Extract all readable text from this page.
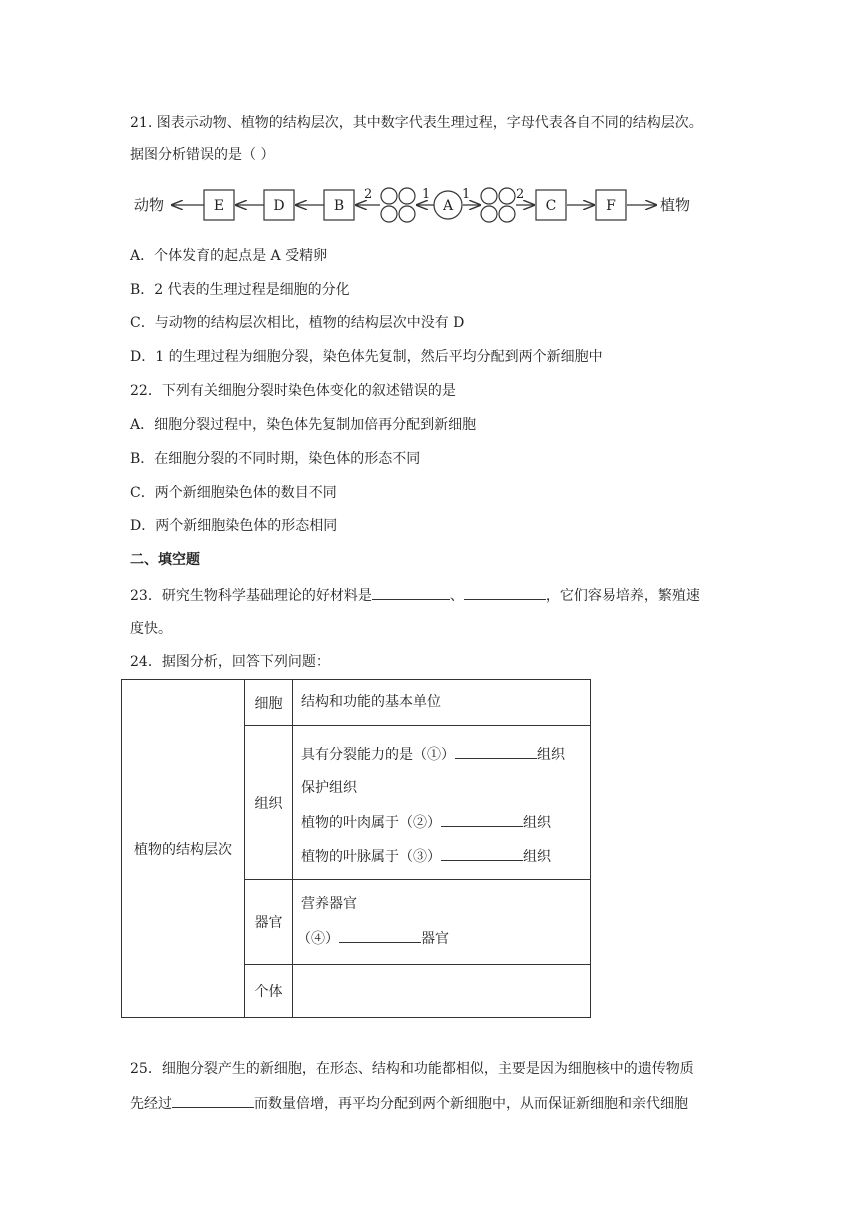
21. 图表示动物、植物的结构层次，其中数字代表生理过程，字母代表各自不同的结构层次。
据图分析错误的是（ ）
动物	E	D	B
2	1
A
1	2
C	F	植物
A．个体发育的起点是 A 受精卵
B．2 代表的生理过程是细胞的分化
C．与动物的结构层次相比，植物的结构层次中没有 D
D．1 的生理过程为细胞分裂，染色体先复制，然后平均分配到两个新细胞中
22．下列有关细胞分裂时染色体变化的叙述错误的是
A．细胞分裂过程中，染色体先复制加倍再分配到新细胞
B．在细胞分裂的不同时期，染色体的形态不同
C．两个新细胞染色体的数目不同
D．两个新细胞染色体的形态相同
二、填空题
23．研究生物科学基础理论的好材料是	、	，它们容易培养，繁殖速
度快。
24．据图分析，回答下列问题：
植物的结构层次	细胞	结构和功能的基本单位

	组织	具有分裂能力的是（①） 组织
保护组织
植物的叶肉属于（②） 组织
植物的叶脉属于（③） 组织

	器官	营养器官
（④） 器官

	个体	
25．细胞分裂产生的新细胞，在形态、结构和功能都相似，主要是因为细胞核中的遗传物质
先经过	而数量倍增，再平均分配到两个新细胞中，从而保证新细胞和亲代细胞
